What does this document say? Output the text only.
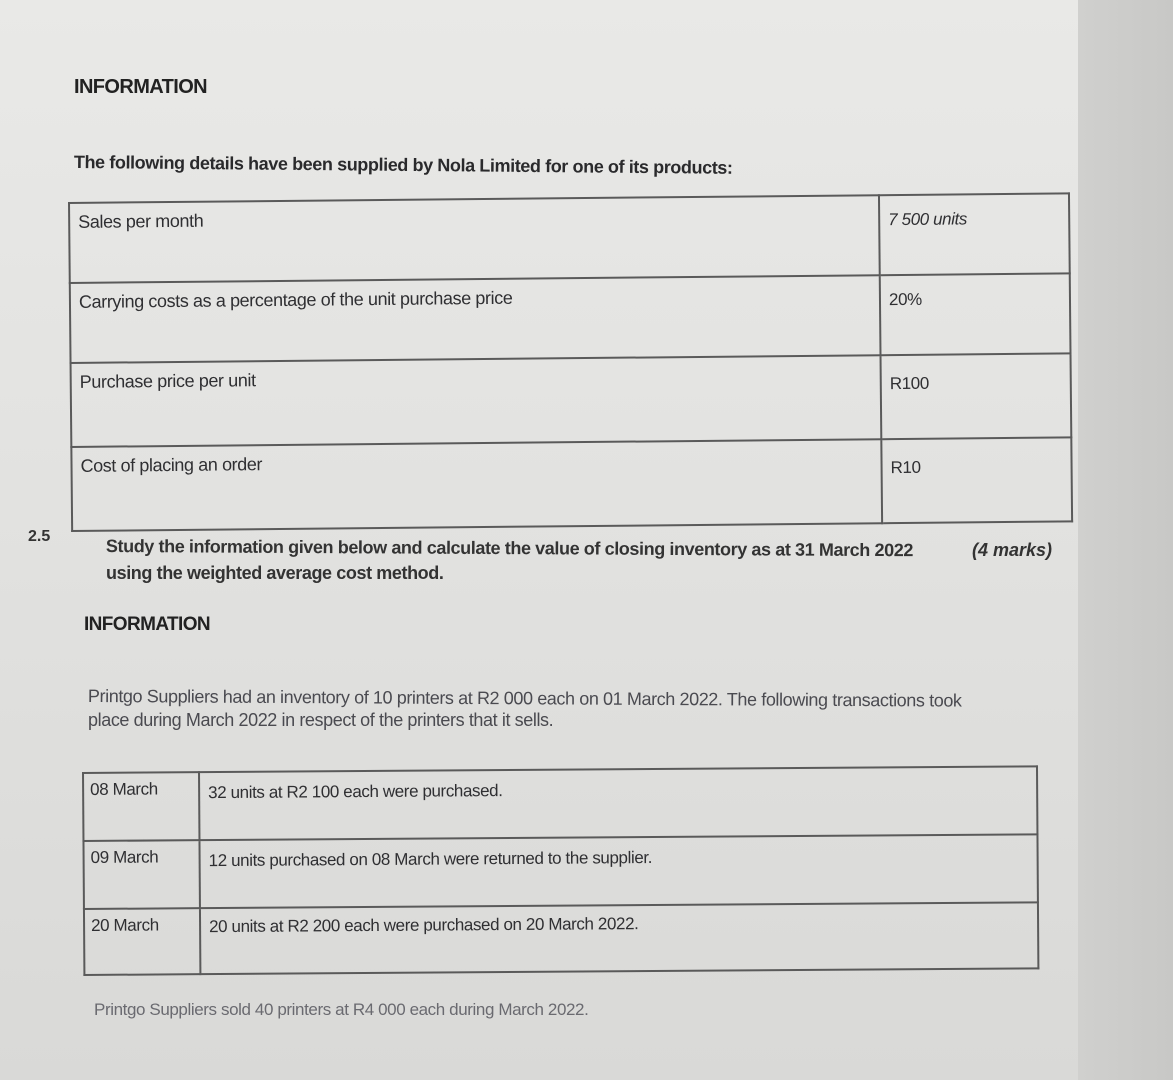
INFORMATION
The following details have been supplied by Nola Limited for one of its products:
Sales per month	7 500 units
Carrying costs as a percentage of the unit purchase price	20%
Purchase price per unit	R100
Cost of placing an order	R10
2.5	Study the information given below and calculate the value of closing inventory as at 31 March 2022
using the weighted average cost method.
(4 marks)
INFORMATION
Printgo Suppliers had an inventory of 10 printers at R2 000 each on 01 March 2022. The following transactions took
place during March 2022 in respect of the printers that it sells.
08 March	32 units at R2 100 each were purchased.
09 March	12 units purchased on 08 March were returned to the supplier.
20 March	20 units at R2 200 each were purchased on 20 March 2022.
Printgo Suppliers sold 40 printers at R4 000 each during March 2022.
